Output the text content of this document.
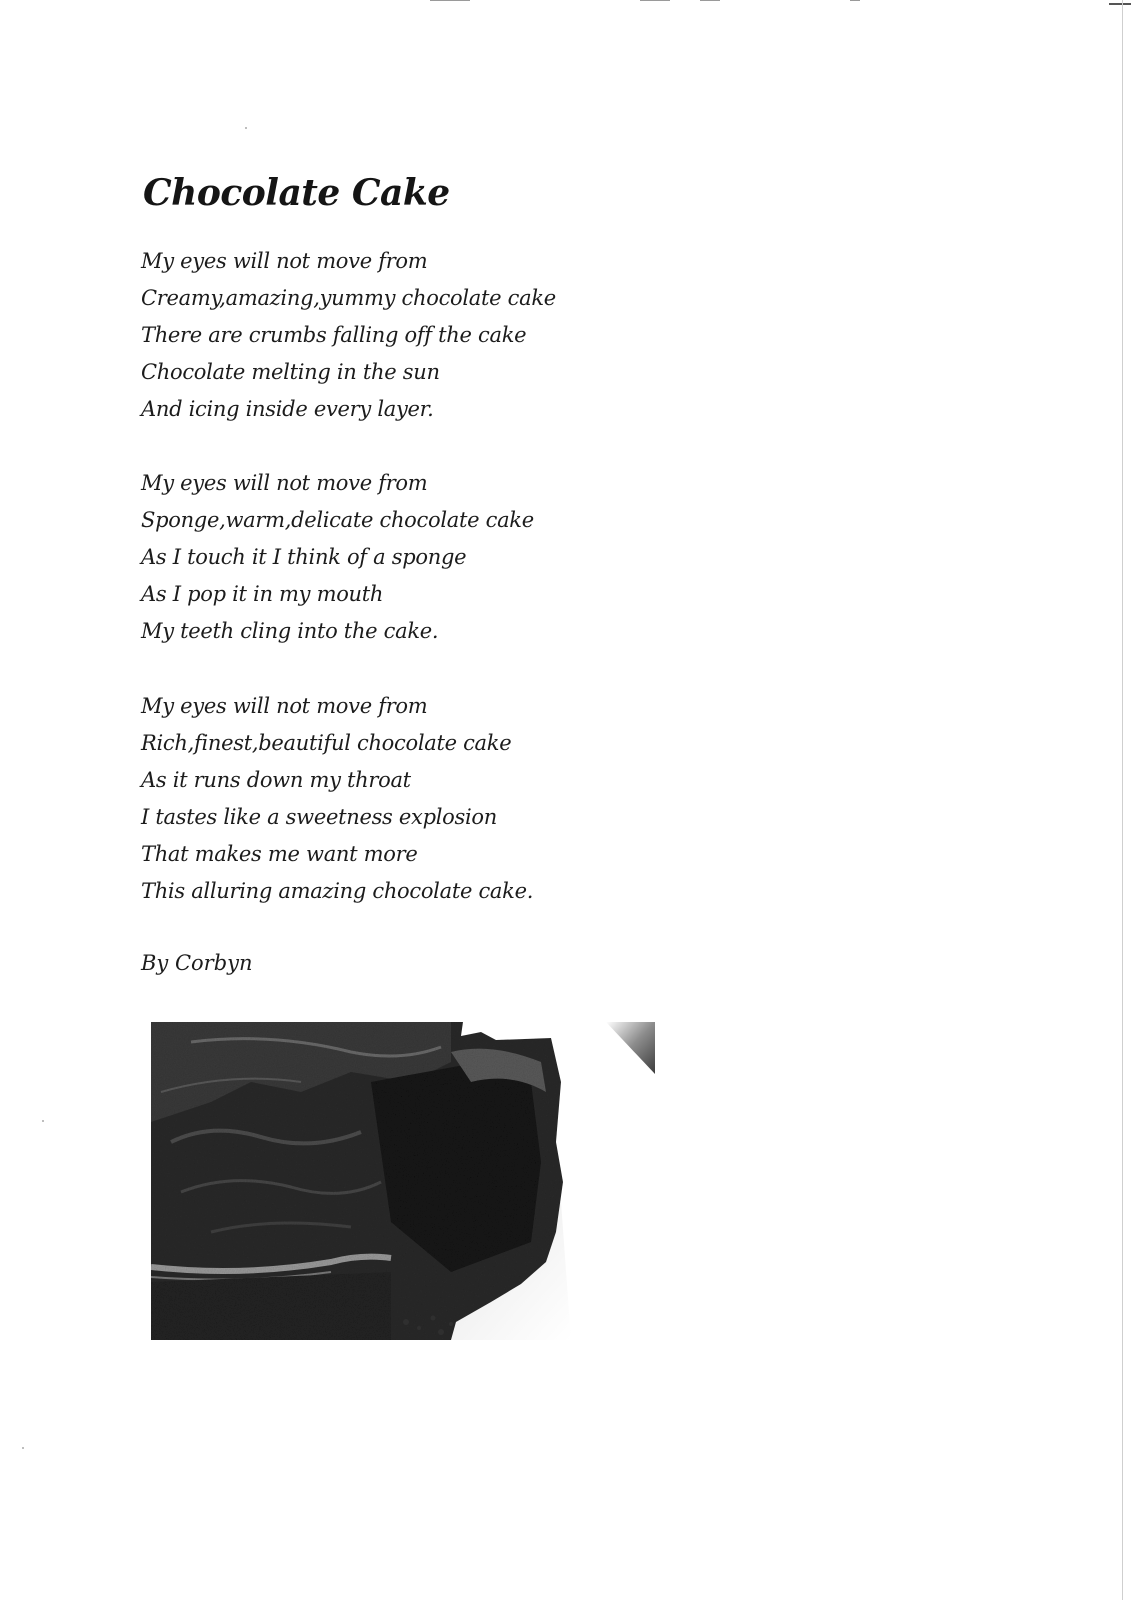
Chocolate Cake
My eyes will not move from
Creamy,amazing,yummy chocolate cake
There are crumbs falling off the cake
Chocolate melting in the sun
And icing inside every layer.
My eyes will not move from
Sponge,warm,delicate chocolate cake
As I touch it I think of a sponge
As I pop it in my mouth
My teeth cling into the cake.
My eyes will not move from
Rich,finest,beautiful chocolate cake
As it runs down my throat
I tastes like a sweetness explosion
That makes me want more
This alluring amazing chocolate cake.
By Corbyn
